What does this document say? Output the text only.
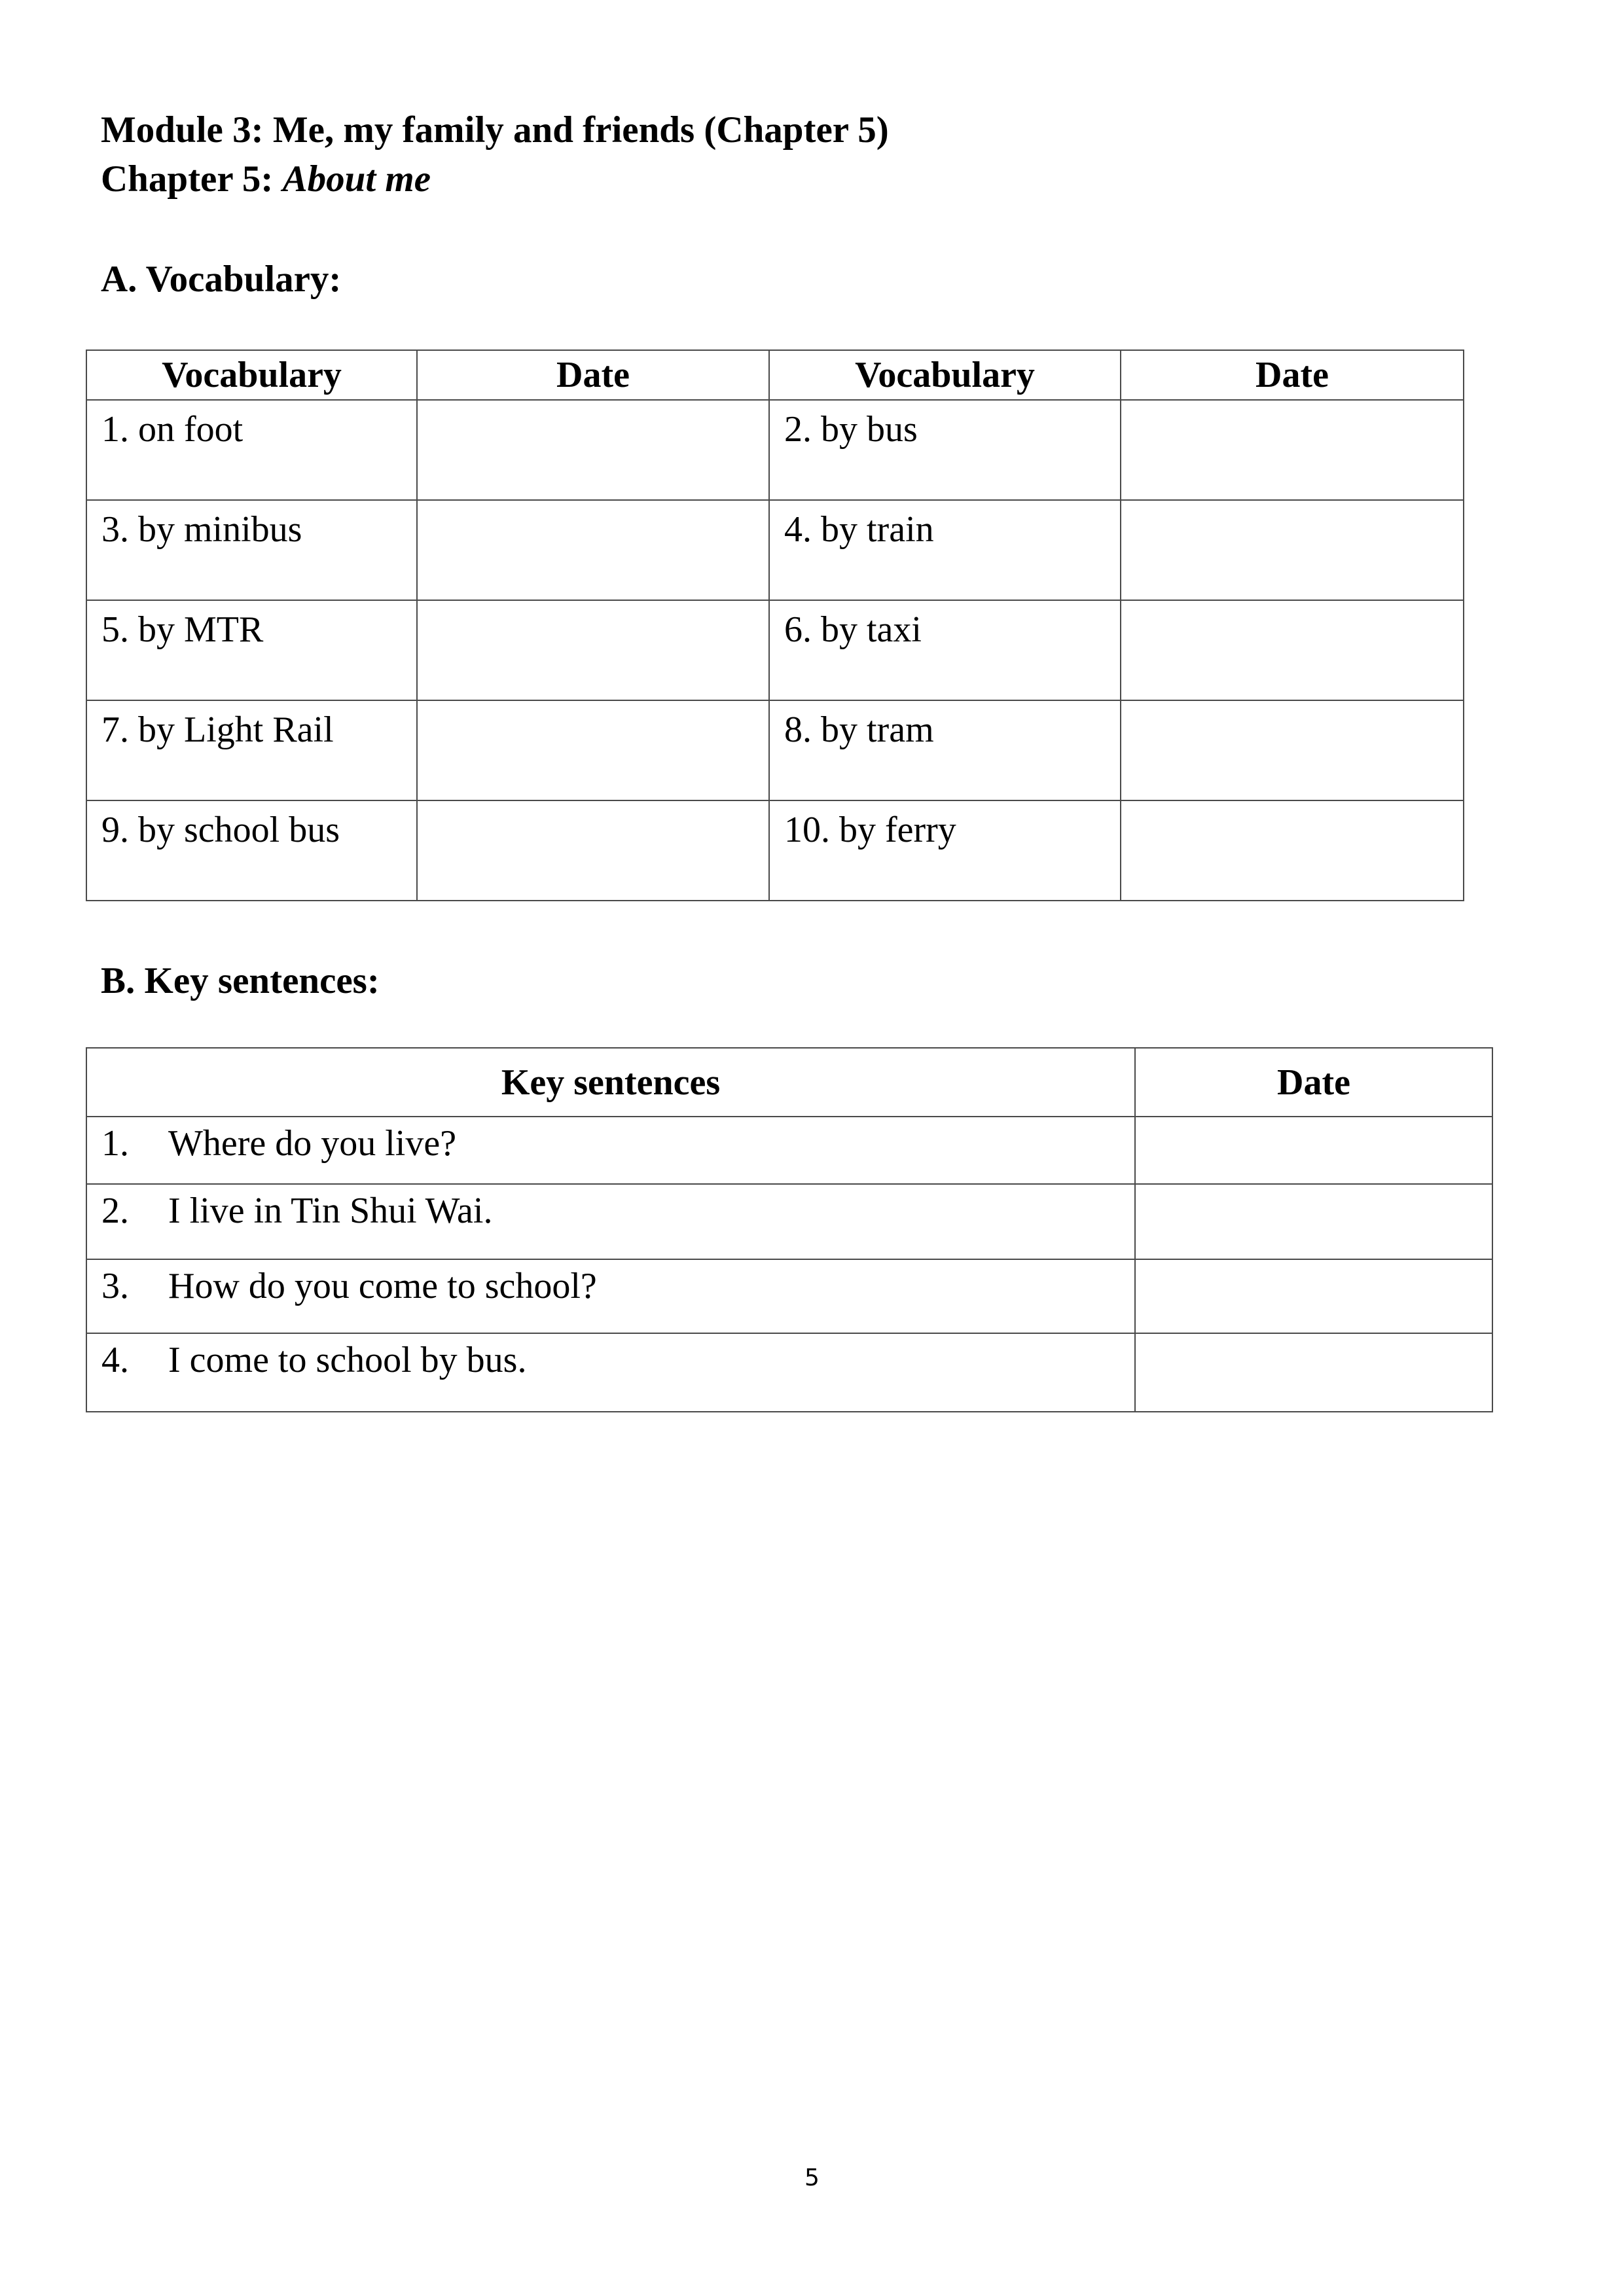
Module 3: Me, my family and friends (Chapter 5)
Chapter 5: About me
A. Vocabulary:
Vocabulary	Date	Vocabulary	Date

1. on foot		2. by bus	

3. by minibus		4. by train	

5. by MTR		6. by taxi	

7. by Light Rail		8. by tram	

9. by school bus		10. by ferry	

B. Key sentences:
Key sentences	Date

1. Where do you live?	

2. I live in Tin Shui Wai.	

3. How do you come to school?	

4. I come to school by bus.	

5
